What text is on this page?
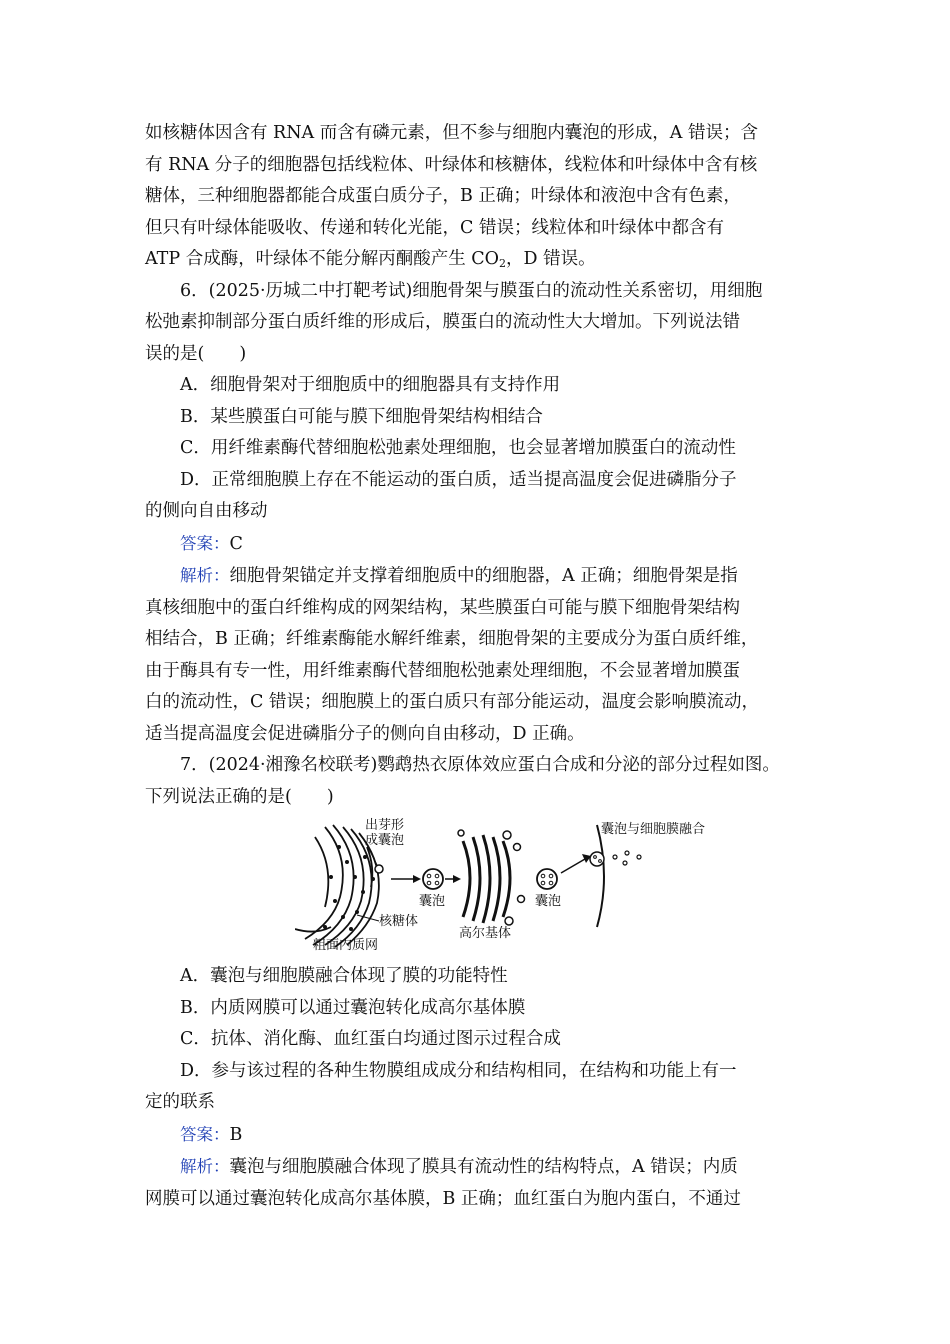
如核糖体因含有 RNA 而含有磷元素，但不参与细胞内囊泡的形成，A 错误；含

有 RNA 分子的细胞器包括线粒体、叶绿体和核糖体，线粒体和叶绿体中含有核

糖体，三种细胞器都能合成蛋白质分子，B 正确；叶绿体和液泡中含有色素，

但只有叶绿体能吸收、传递和转化光能，C 错误；线粒体和叶绿体中都含有

ATP 合成酶，叶绿体不能分解丙酮酸产生 $CO_2$，D 错误。

6．(2025·历城二中打靶考试)细胞骨架与膜蛋白的流动性关系密切，用细胞

松弛素抑制部分蛋白质纤维的形成后，膜蛋白的流动性大大增加。下列说法错

误的是(　　)

A．细胞骨架对于细胞质中的细胞器具有支持作用

B．某些膜蛋白可能与膜下细胞骨架结构相结合

C．用纤维素酶代替细胞松弛素处理细胞，也会显著增加膜蛋白的流动性

D．正常细胞膜上存在不能运动的蛋白质，适当提高温度会促进磷脂分子

的侧向自由移动

答案：C

解析：细胞骨架锚定并支撑着细胞质中的细胞器，A 正确；细胞骨架是指

真核细胞中的蛋白纤维构成的网架结构，某些膜蛋白可能与膜下细胞骨架结构

相结合，B 正确；纤维素酶能水解纤维素，细胞骨架的主要成分为蛋白质纤维，

由于酶具有专一性，用纤维素酶代替细胞松弛素处理细胞，不会显著增加膜蛋

白的流动性，C 错误；细胞膜上的蛋白质只有部分能运动，温度会影响膜流动，

适当提高温度会促进磷脂分子的侧向自由移动，D 正确。

7．(2024·湘豫名校联考)鹦鹉热衣原体效应蛋白合成和分泌的部分过程如图。

下列说法正确的是(　　)

出芽形
成囊泡
核糖体
粗面内质网
囊泡
高尔基体
囊泡
囊泡与细胞膜融合

A．囊泡与细胞膜融合体现了膜的功能特性

B．内质网膜可以通过囊泡转化成高尔基体膜

C．抗体、消化酶、血红蛋白均通过图示过程合成

D．参与该过程的各种生物膜组成成分和结构相同，在结构和功能上有一

定的联系

答案：B

解析：囊泡与细胞膜融合体现了膜具有流动性的结构特点，A 错误；内质

网膜可以通过囊泡转化成高尔基体膜，B 正确；血红蛋白为胞内蛋白，不通过
